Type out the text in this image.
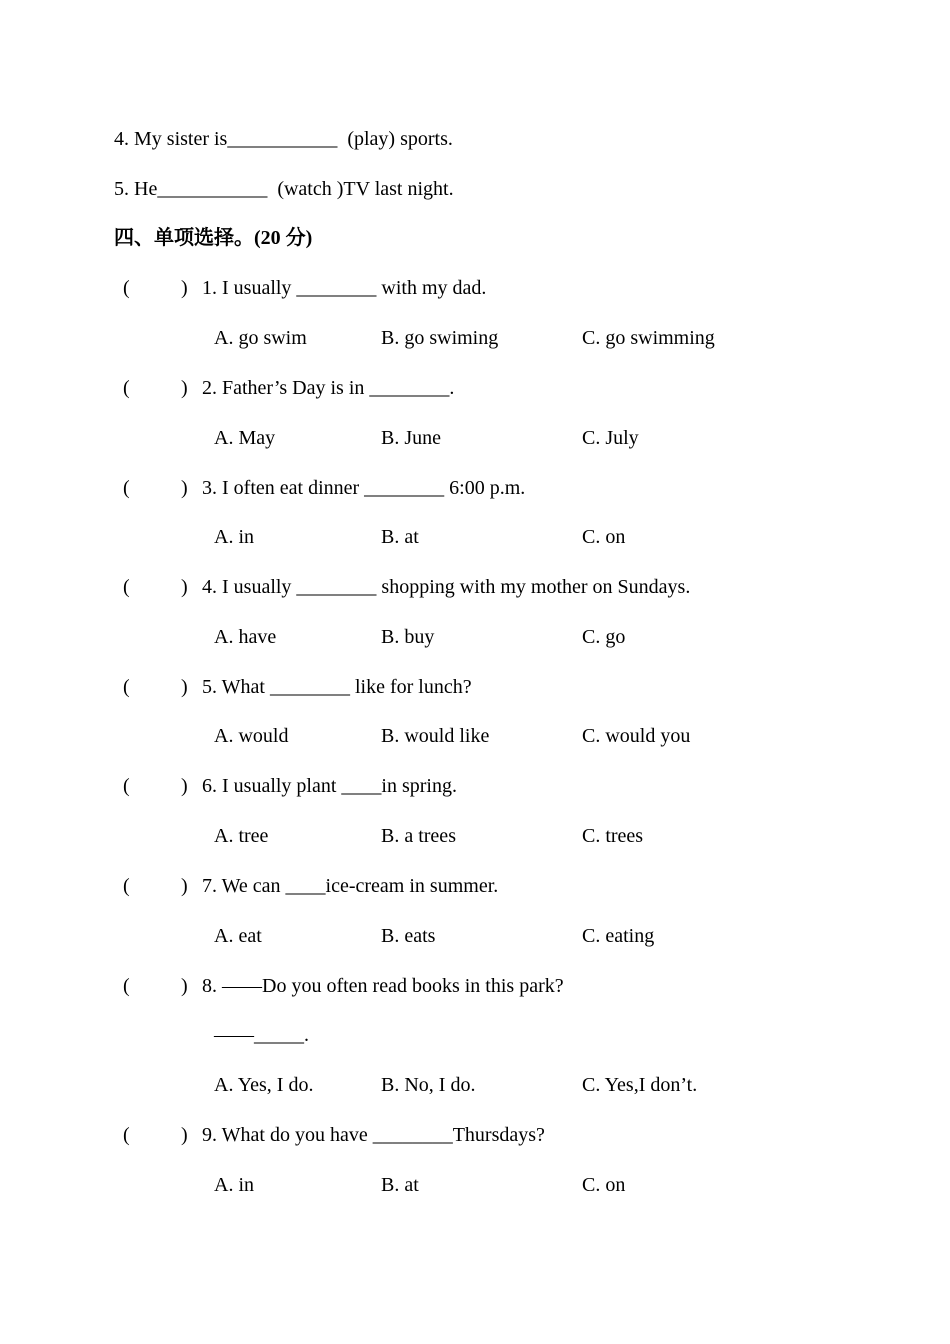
4. My sister is___________  (play) sports.
5. He___________  (watch )TV last night.
四、单项选择。(20 分)
(	) 1. I usually ________ with my dad.
A. go swim	B. go swiming	C. go swimming
(	) 2. Father’s Day is in ________.
A. May	B. June	C. July
(	) 3. I often eat dinner ________ 6:00 p.m.
A. in	B. at	C. on
(	) 4. I usually ________ shopping with my mother on Sundays.
A. have	B. buy	C. go
(	) 5. What ________ like for lunch?
A. would	B. would like	C. would you
(	) 6. I usually plant ____in spring.
A. tree	B. a trees	C. trees
(	) 7. We can ____ice-cream in summer.
A. eat	B. eats	C. eating
(	) 8. ——Do you often read books in this park?
——_____.
A. Yes, I do.	B. No, I do.	C. Yes,I don’t.
(	) 9. What do you have ________Thursdays?
A. in	B. at	C. on
